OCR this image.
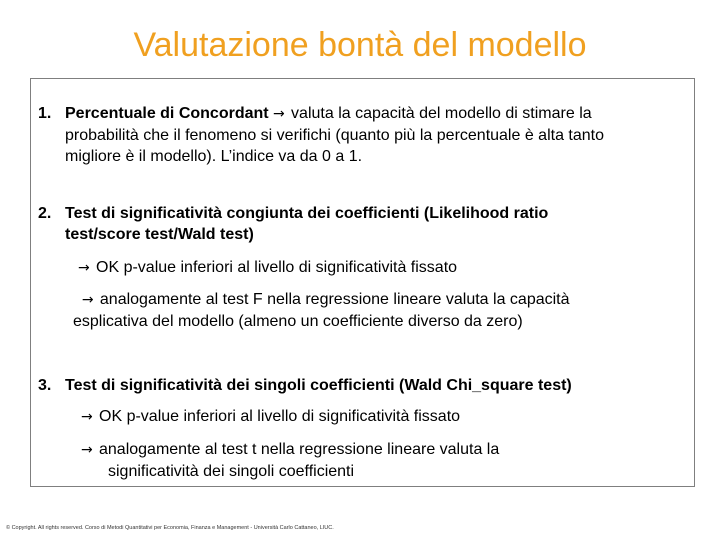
Valutazione bontà del modello
1. Percentuale di Concordant → valuta la capacità del modello di stimare la
probabilità che il fenomeno si verifichi (quanto più la percentuale è alta tanto
migliore è il modello). L’indice va da 0 a 1.
2. Test di significatività congiunta dei coefficienti (Likelihood ratio
test/score test/Wald test)
→ OK p-value inferiori al livello di significatività fissato
→ analogamente al test F nella regressione lineare valuta la capacità
esplicativa del modello (almeno un coefficiente diverso da zero)
3. Test di significatività dei singoli coefficienti (Wald Chi_square test)
→ OK p-value inferiori al livello di significatività fissato
→ analogamente al test t nella regressione lineare valuta la
significatività dei singoli coefficienti
© Copyright. All rights reserved. Corso di Metodi Quantitativi per Economia, Finanza e Management - Università Carlo Cattaneo, LIUC.
